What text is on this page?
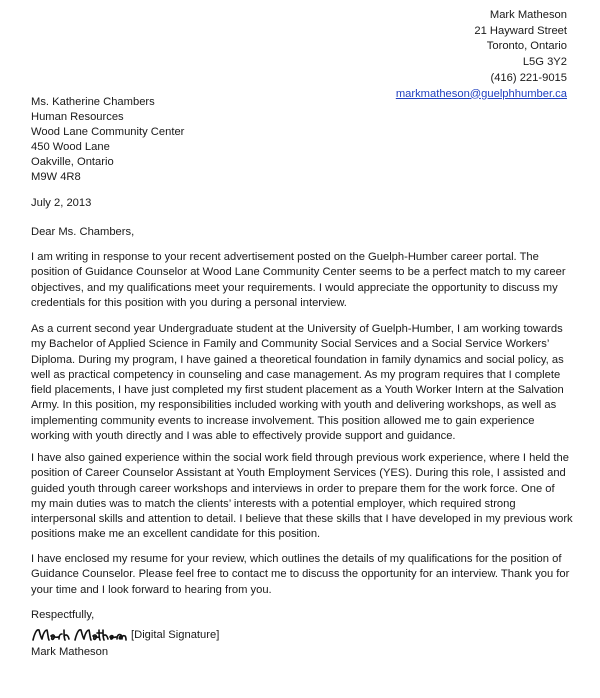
Mark Matheson
21 Hayward Street
Toronto, Ontario
L5G 3Y2
(416) 221-9015
markmatheson@guelphhumber.ca
Ms. Katherine Chambers
Human Resources
Wood Lane Community Center
450 Wood Lane
Oakville, Ontario
M9W 4R8
July 2, 2013
Dear Ms. Chambers,
I am writing in response to your recent advertisement posted on the Guelph-Humber career portal. The
position of Guidance Counselor at Wood Lane Community Center seems to be a perfect match to my career
objectives, and my qualifications meet your requirements. I would appreciate the opportunity to discuss my
credentials for this position with you during a personal interview.
As a current second year Undergraduate student at the University of Guelph-Humber, I am working towards
my Bachelor of Applied Science in Family and Community Social Services and a Social Service Workers’
Diploma. During my program, I have gained a theoretical foundation in family dynamics and social policy, as
well as practical competency in counseling and case management. As my program requires that I complete
field placements, I have just completed my first student placement as a Youth Worker Intern at the Salvation
Army. In this position, my responsibilities included working with youth and delivering workshops, as well as
implementing community events to increase involvement. This position allowed me to gain experience
working with youth directly and I was able to effectively provide support and guidance.
I have also gained experience within the social work field through previous work experience, where I held the
position of Career Counselor Assistant at Youth Employment Services (YES). During this role, I assisted and
guided youth through career workshops and interviews in order to prepare them for the work force. One of
my main duties was to match the clients’ interests with a potential employer, which required strong
interpersonal skills and attention to detail. I believe that these skills that I have developed in my previous work
positions make me an excellent candidate for this position.
I have enclosed my resume for your review, which outlines the details of my qualifications for the position of
Guidance Counselor. Please feel free to contact me to discuss the opportunity for an interview. Thank you for
your time and I look forward to hearing from you.
Respectfully,
[Digital Signature]
Mark Matheson
